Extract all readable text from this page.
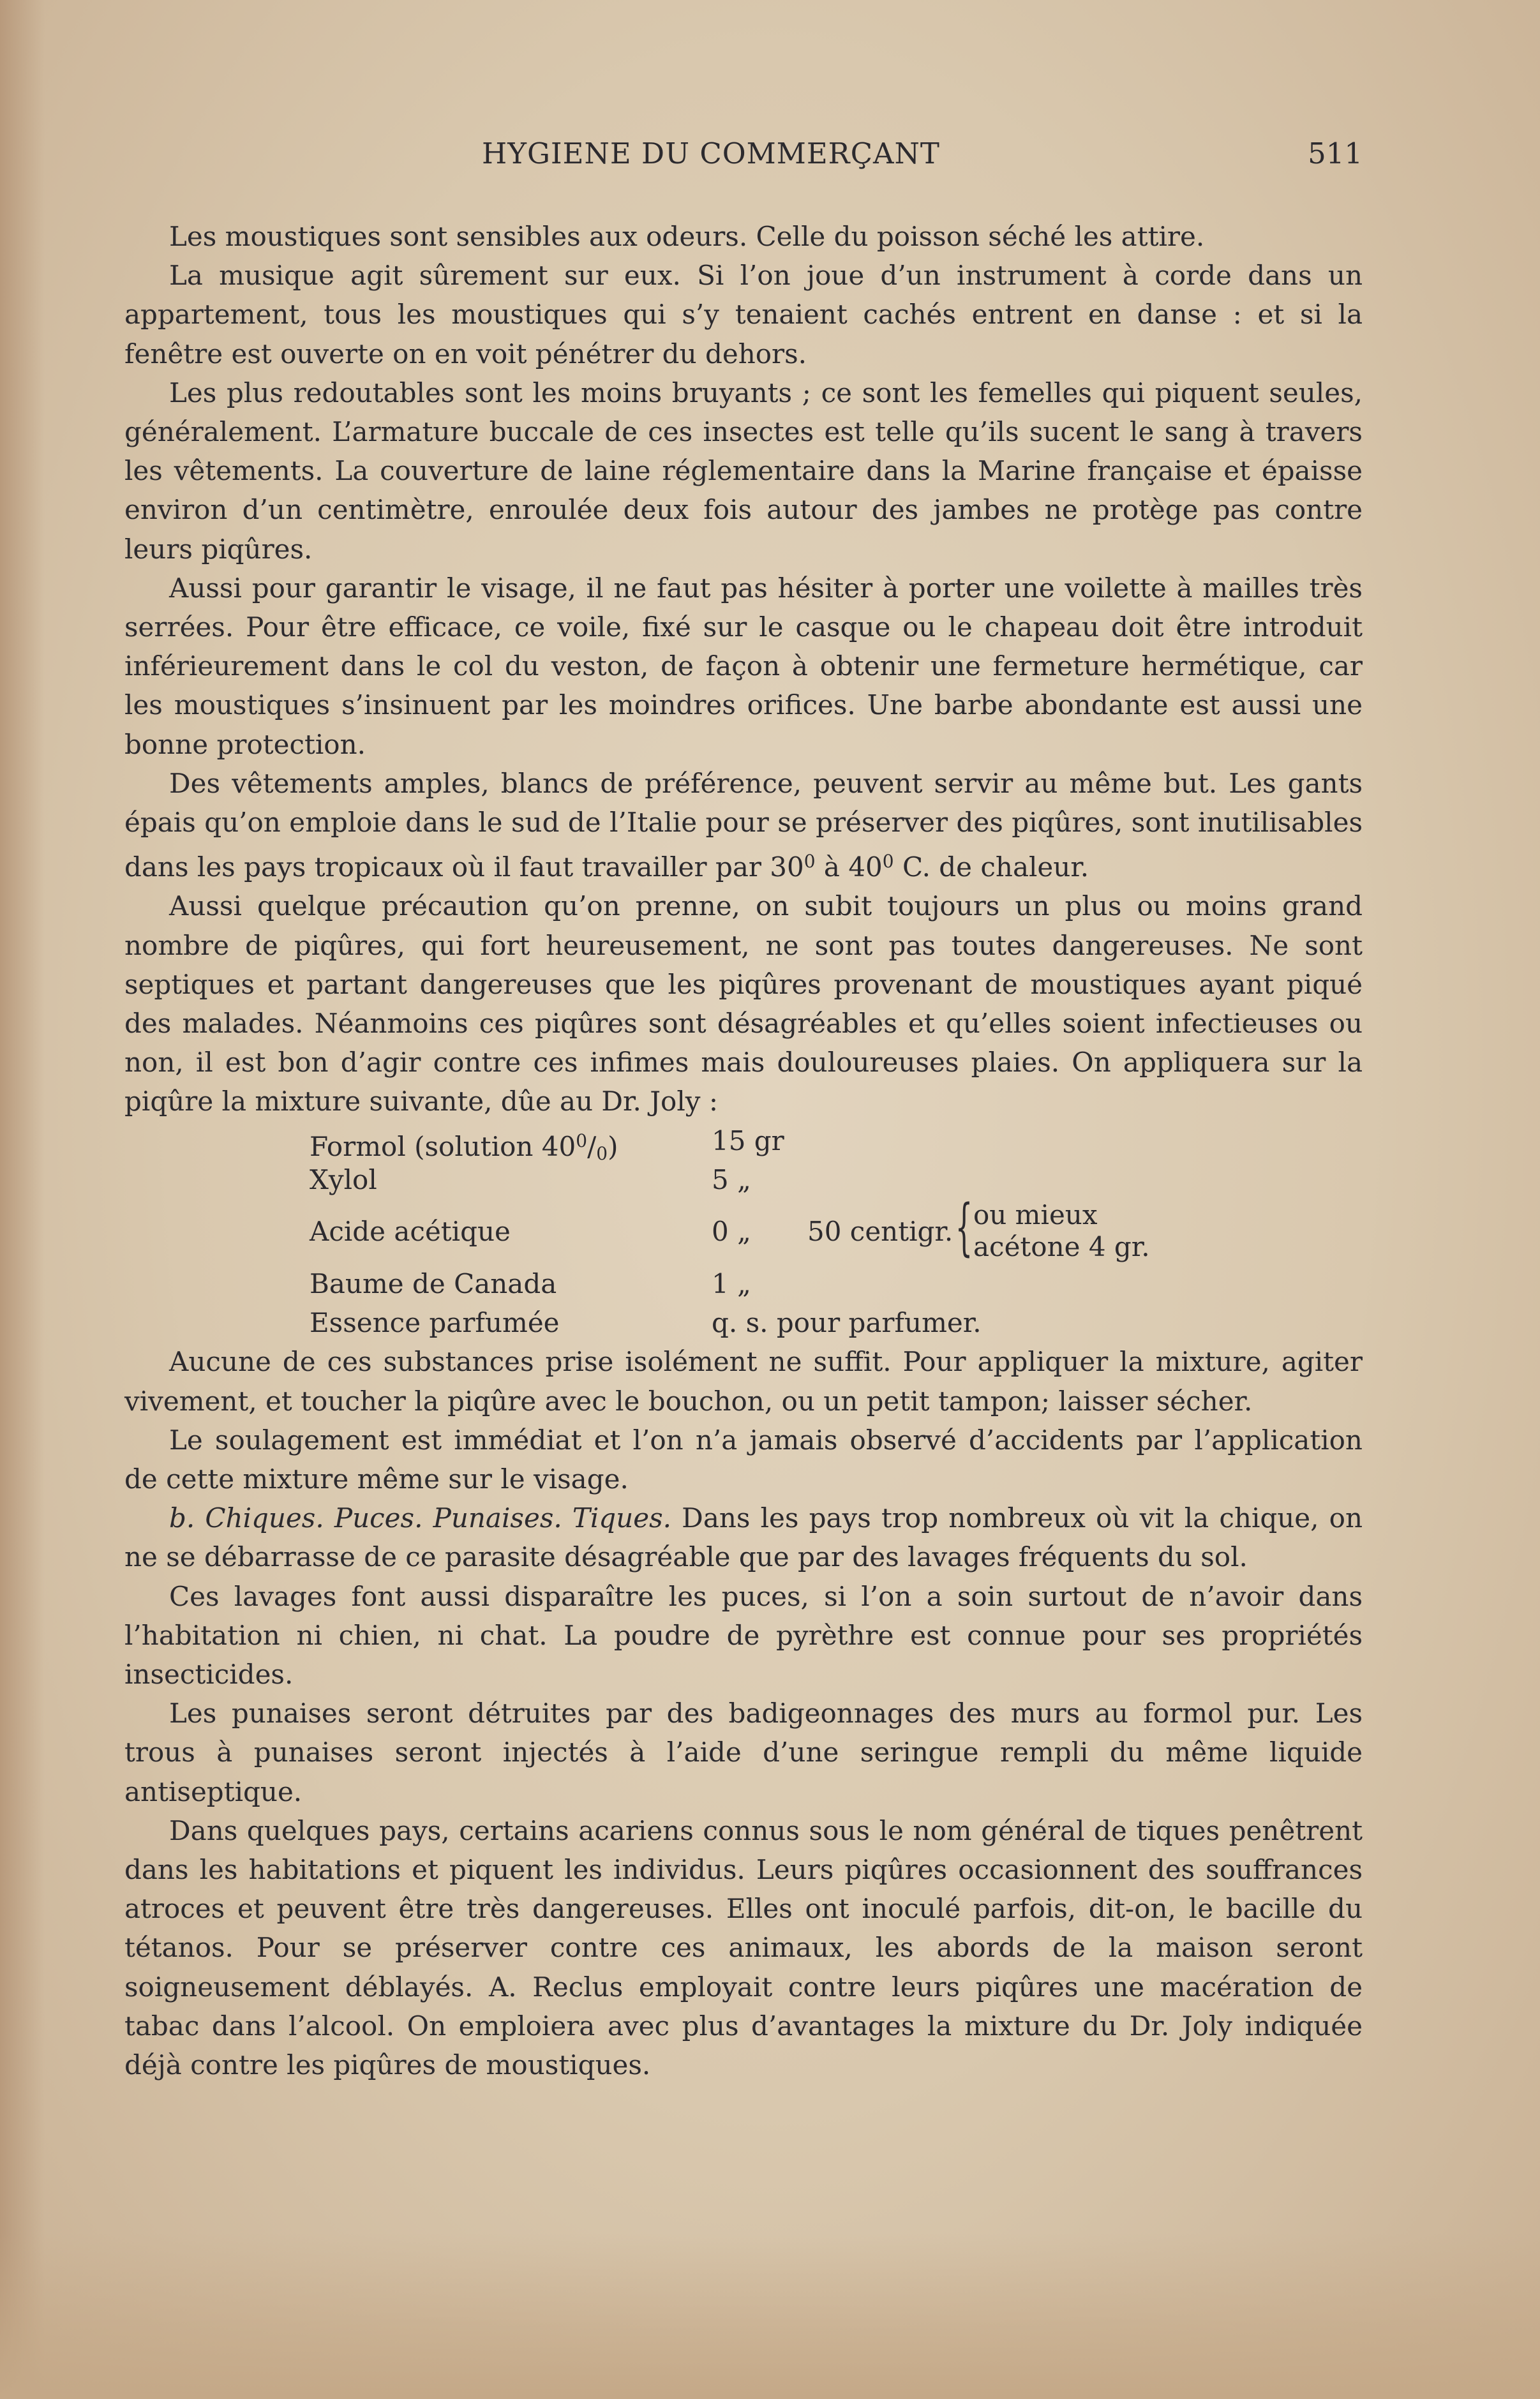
HYGIENE DU COMMERÇANT	511

Les moustiques sont sensibles aux odeurs. Celle du poisson séché les attire.

La musique agit sûrement sur eux. Si l’on joue d’un instrument à corde dans un appartement, tous les moustiques qui s’y tenaient cachés entrent en danse : et si la fenêtre est ouverte on en voit pénétrer du dehors.

Les plus redoutables sont les moins bruyants ; ce sont les femelles qui piquent seules, généralement. L’armature buccale de ces insectes est telle qu’ils sucent le sang à travers les vêtements. La couverture de laine réglementaire dans la Marine française et épaisse environ d’un centimètre, enroulée deux fois autour des jambes ne protège pas contre leurs piqûres.

Aussi pour garantir le visage, il ne faut pas hésiter à porter une voilette à mailles très serrées. Pour être efficace, ce voile, fixé sur le casque ou le chapeau doit être introduit inférieurement dans le col du veston, de façon à obtenir une fermeture hermétique, car les moustiques s’insinuent par les moindres orifices. Une barbe abondante est aussi une bonne protection.

Des vêtements amples, blancs de préférence, peuvent servir au même but. Les gants épais qu’on emploie dans le sud de l’Italie pour se préserver des piqûres, sont inutilisables dans les pays tropicaux où il faut travailler par $30^0$ à $40^0$ C. de chaleur.

Aussi quelque précaution qu’on prenne, on subit toujours un plus ou moins grand nombre de piqûres, qui fort heureusement, ne sont pas toutes dangereuses. Ne sont septiques et partant dangereuses que les piqûres provenant de moustiques ayant piqué des malades. Néanmoins ces piqûres sont désagréables et qu’elles soient infectieuses ou non, il est bon d’agir contre ces infimes mais douloureuses plaies. On appliquera sur la piqûre la mixture suivante, dûe au Dr. Joly :

Formol (solution $40^0/_0$)	15 gr
Xylol	5 „
Acide acétique	0 „ 50 centigr. { ou mieux
acétone 4 gr.
Baume de Canada	1 „
Essence parfumée	q. s. pour parfumer.

Aucune de ces substances prise isolément ne suffit. Pour appliquer la mixture, agiter vivement, et toucher la piqûre avec le bouchon, ou un petit tampon; laisser sécher.

Le soulagement est immédiat et l’on n’a jamais observé d’accidents par l’application de cette mixture même sur le visage.

b. Chiques. Puces. Punaises. Tiques. Dans les pays trop nombreux où vit la chique, on ne se débarrasse de ce parasite désagréable que par des lavages fréquents du sol.

Ces lavages font aussi disparaître les puces, si l’on a soin surtout de n’avoir dans l’habitation ni chien, ni chat. La poudre de pyrèthre est connue pour ses propriétés insecticides.

Les punaises seront détruites par des badigeonnages des murs au formol pur. Les trous à punaises seront injectés à l’aide d’une seringue rempli du même liquide antiseptique.

Dans quelques pays, certains acariens connus sous le nom général de tiques penêtrent dans les habitations et piquent les individus. Leurs piqûres occasionnent des souffrances atroces et peuvent être très dangereuses. Elles ont inoculé parfois, dit-on, le bacille du tétanos. Pour se préserver contre ces animaux, les abords de la maison seront soigneusement déblayés. A. Reclus employait contre leurs piqûres une macération de tabac dans l’alcool. On emploiera avec plus d’avantages la mixture du Dr. Joly indiquée déjà contre les piqûres de moustiques.
